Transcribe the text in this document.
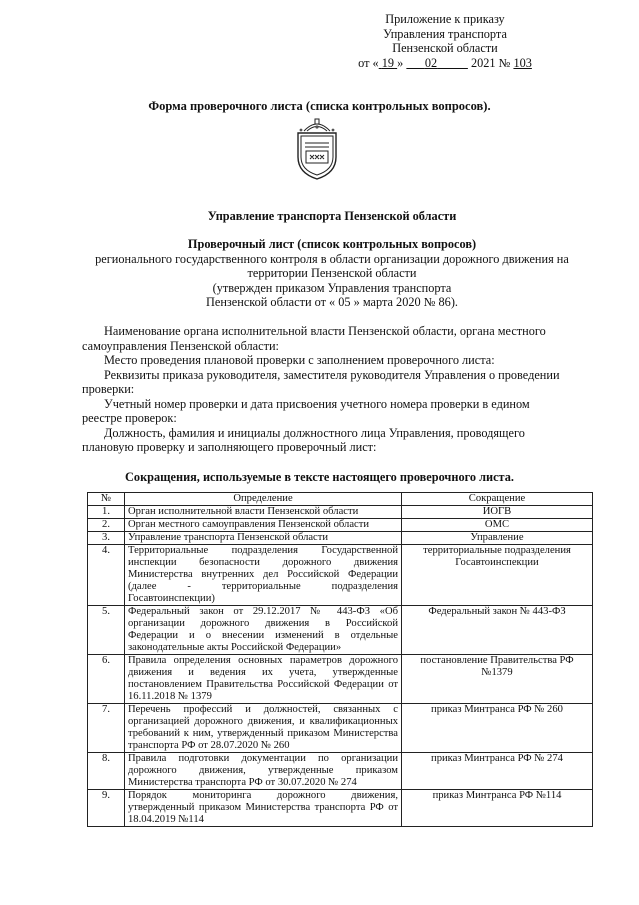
Приложение к приказу
Управления транспорта
Пензенской области
от « 19 » 02	2021 № 103
Форма проверочного листа (списка контрольных вопросов).
Управление транспорта Пензенской области
Проверочный лист (список контрольных вопросов)
регионального государственного контроля в области организации дорожного движения на
территории Пензенской области
(утвержден приказом Управления транспорта
Пензенской области от « 05 » марта 2020 № 86).
Наименование органа исполнительной власти Пензенской области, органа местного
самоуправления Пензенской области:
Место проведения плановой проверки с заполнением проверочного листа:
Реквизиты приказа руководителя, заместителя руководителя Управления о проведении
проверки:
Учетный номер проверки и дата присвоения учетного номера проверки в едином
реестре проверок:
Должность, фамилия и инициалы должностного лица Управления, проводящего
плановую проверку и заполняющего проверочный лист:
Сокращения, используемые в тексте настоящего проверочного листа.
№	Определение	Сокращение
1.	Орган исполнительной власти Пензенской области	ИОГВ
2.	Орган местного самоуправления Пензенской области	ОМС
3.	Управление транспорта Пензенской области	Управление
4.	Территориальные подразделения Государственной инспекции безопасности дорожного движения Министерства внутренних дел Российской Федерации (далее - территориальные подразделения Госавтоинспекции)	территориальные подразделения Госавтоинспекции
5.	Федеральный закон от 29.12.2017 № 443-ФЗ «Об организации дорожного движения в Российской Федерации и о внесении изменений в отдельные законодательные акты Российской Федерации»	Федеральный закон № 443-ФЗ
6.	Правила определения основных параметров дорожного движения и ведения их учета, утвержденные постановлением Правительства Российской Федерации от 16.11.2018 № 1379	постановление Правительства РФ №1379
7.	Перечень профессий и должностей, связанных с организацией дорожного движения, и квалификационных требований к ним, утвержденный приказом Министерства транспорта РФ от 28.07.2020 № 260	приказ Минтранса РФ № 260
8.	Правила подготовки документации по организации дорожного движения, утвержденные приказом Министерства транспорта РФ от 30.07.2020 № 274	приказ Минтранса РФ № 274
9.	Порядок мониторинга дорожного движения, утвержденный приказом Министерства транспорта РФ от 18.04.2019 №114	приказ Минтранса РФ №114
